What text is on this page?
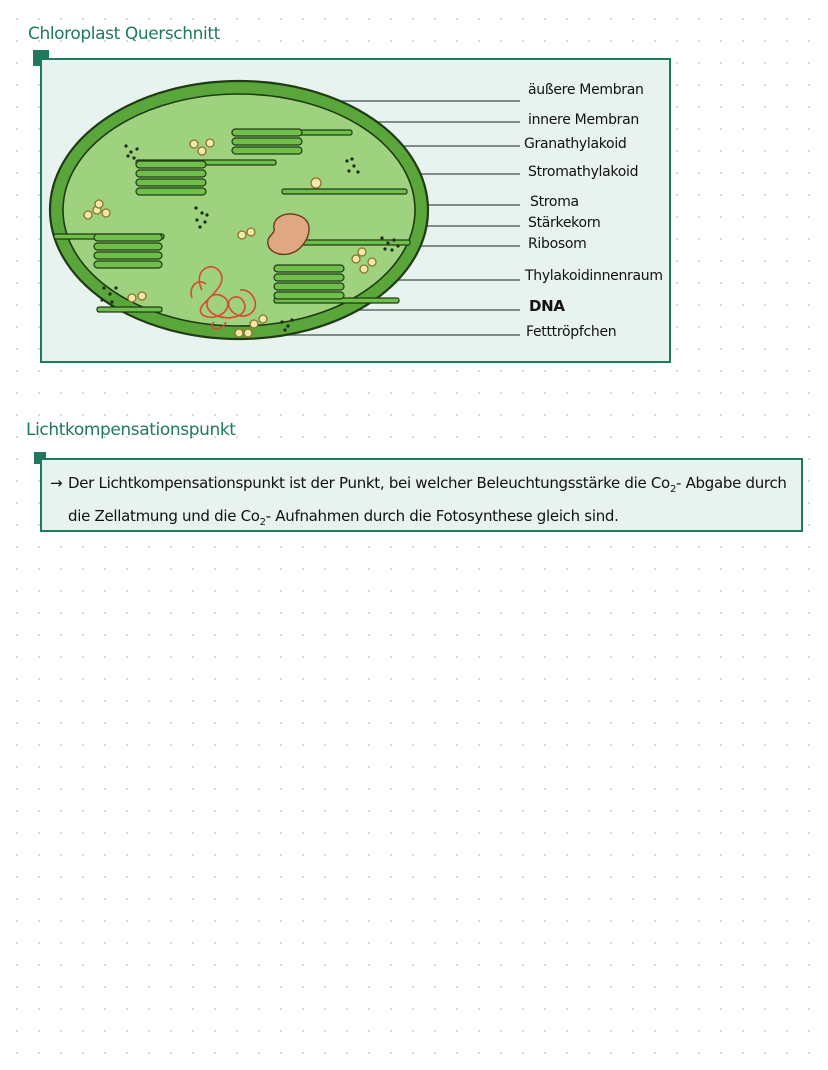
Chloroplast Querschnitt
äußere Membran
innere Membran
Granathylakoid
Stromathylakoid
Stroma
Stärkekorn
Ribosom
Thylakoidinnenraum
DNA
Fetttröpfchen
Lichtkompensationspunkt
→ Der Lichtkompensationspunkt ist der Punkt, bei welcher Beleuchtungsstärke die $Co_2-$ Abgabe durch die Zellatmung und die $Co_2-$ Aufnahmen durch die Fotosynthese gleich sind.
